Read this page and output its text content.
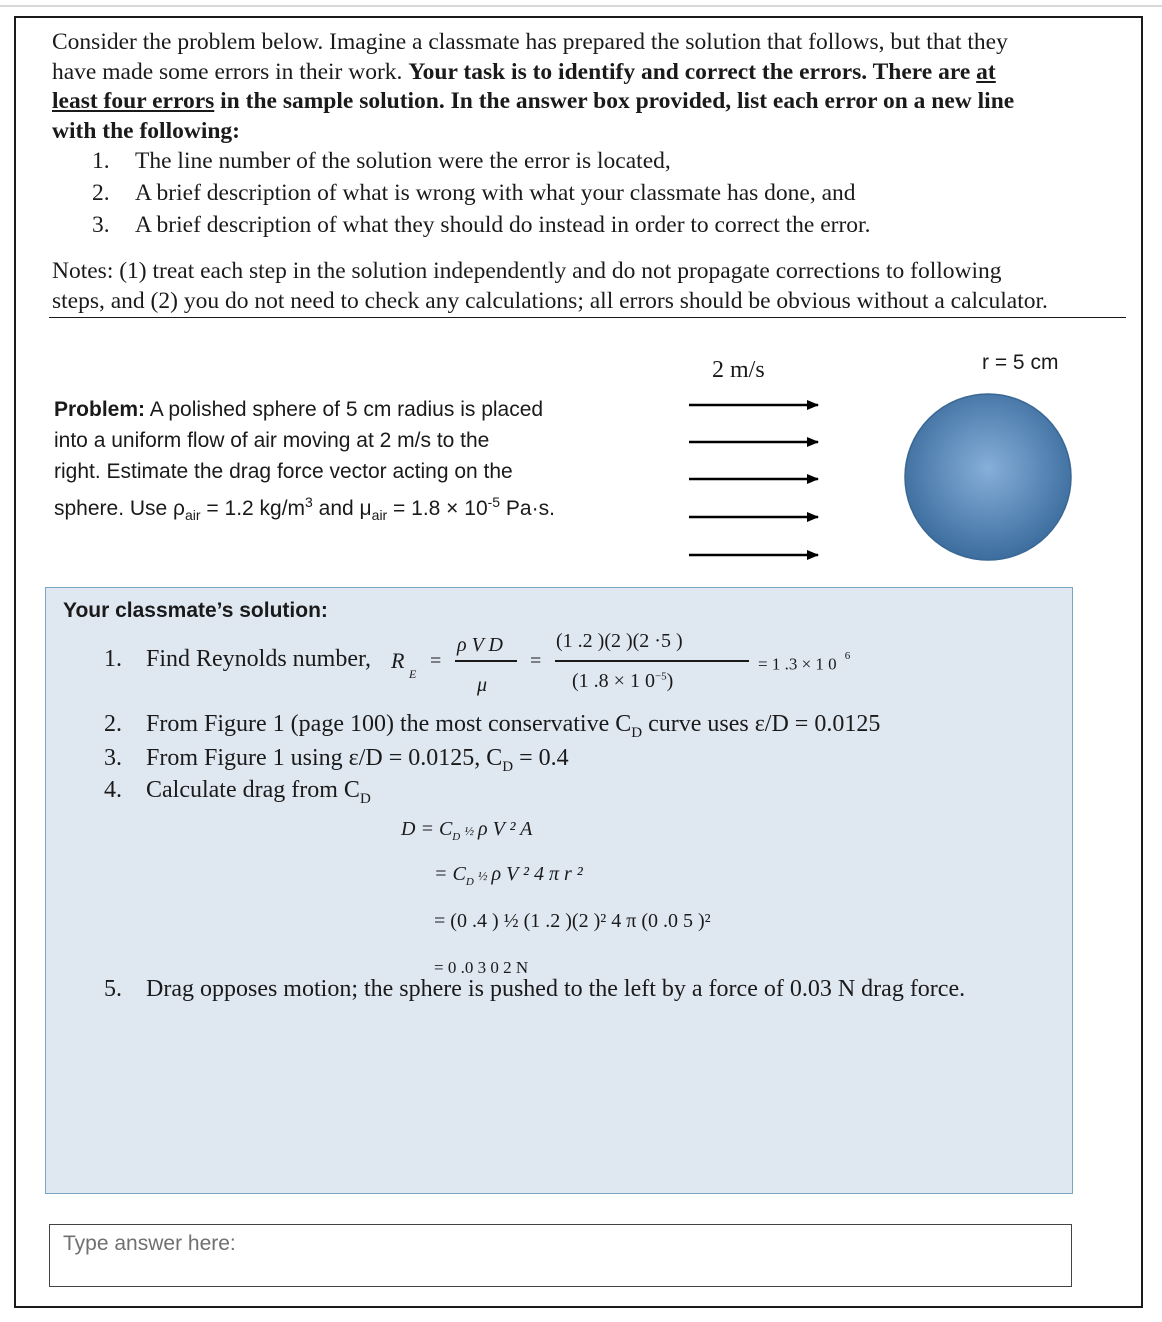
Consider the problem below. Imagine a classmate has prepared the solution that follows, but that they
have made some errors in their work. Your task is to identify and correct the errors. There are at
least four errors in the sample solution. In the answer box provided, list each error on a new line
with the following:
1. The line number of the solution were the error is located,
2. A brief description of what is wrong with what your classmate has done, and
3. A brief description of what they should do instead in order to correct the error.
Notes: (1) treat each step in the solution independently and do not propagate corrections to following
steps, and (2) you do not need to check any calculations; all errors should be obvious without a calculator.
2 m/s	r = 5 cm
Problem: A polished sphere of 5 cm radius is placed
into a uniform flow of air moving at 2 m/s to the
right. Estimate the drag force vector acting on the
sphere. Use $\rho_{air} = 1.2$ $kg/m^3$ and $\mu_{air} = 1.8 \times 10^{-5}$ Pa·s.
Your classmate’s solution:
1. Find Reynolds number, R
E
=
ρ V D
μ
=
(1 .2 )(2 )(2 ·5 )
(1 .8 × 1 $0^{-5}$)
= 1 .3 × 1 0 $^6$
2. From Figure 1 (page 100) the most conservative $C_D$ curve uses ε/D = 0.0125
3. From Figure 1 using ε/D = 0.0125, $C_D = 0.4$
4. Calculate drag from $C_D$
$D = C_D$ ½ ρ V ² A
= $C_D$ ½ ρ V ² 4 π r ²
= (0 .4 ) ½ (1 .2 )(2 )² 4 π (0 .0 5 )²
= 0 .0 3 0 2 N
5. Drag opposes motion; the sphere is pushed to the left by a force of 0.03 N drag force.
Type answer here:
